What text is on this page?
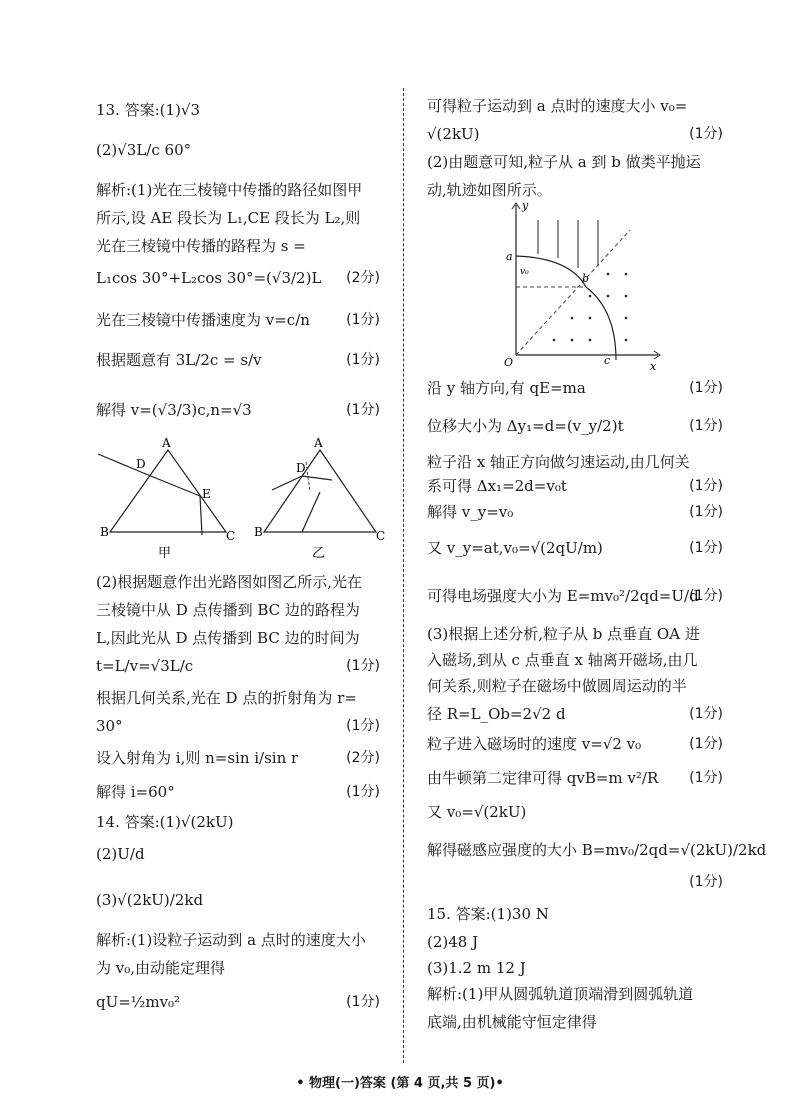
13. 答案:(1)√3
(2)√3L/c 60°
解析:(1)光在三棱镜中传播的路径如图甲
所示,设 AE 段长为 L₁,CE 段长为 L₂,则
光在三棱镜中传播的路程为 s =
L₁cos 30°+L₂cos 30°=(√3/2)L (2分)
光在三棱镜中传播速度为 v=c/n	(1分)
根据题意有 3L/2c = s/v	(1分)
解得 v=(√3/3)c,n=√3	(1分)
(2)根据题意作出光路图如图乙所示,光在
三棱镜中从 D 点传播到 BC 边的路程为
L,因此光从 D 点传播到 BC 边的时间为
t=L/v=√3L/c	(1分)
根据几何关系,光在 D 点的折射角为 r=
30°	(1分)
设入射角为 i,则 n=sin i/sin r	(2分)
解得 i=60°	(1分)
14. 答案:(1)√(2kU)
(2)U/d
(3)√(2kU)/2kd
解析:(1)设粒子运动到 a 点时的速度大小
为 v₀,由动能定理得
qU=½mv₀²	(1分)
可得粒子运动到 a 点时的速度大小 v₀=
√(2kU)	(1分)
(2)由题意可知,粒子从 a 到 b 做类平抛运
动,轨迹如图所示。
沿 y 轴方向,有 qE=ma	(1分)
位移大小为 Δy₁=d=(v_y/2)t	(1分)
粒子沿 x 轴正方向做匀速运动,由几何关
系可得 Δx₁=2d=v₀t	(1分)
解得 v_y=v₀	(1分)
又 v_y=at,v₀=√(2qU/m)	(1分)
可得电场强度大小为 E=mv₀²/2qd=U/d
(1分)
(3)根据上述分析,粒子从 b 点垂直 OA 进
入磁场,到从 c 点垂直 x 轴离开磁场,由几
何关系,则粒子在磁场中做圆周运动的半
径 R=L_Ob=2√2 d	(1分)
粒子进入磁场时的速度 v=√2 v₀	(1分)
由牛顿第二定律可得 qvB=m v²/R (1分)
又 v₀=√(2kU)
解得磁感应强度的大小 B=mv₀/2qd=√(2kU)/2kd
(1分)
15. 答案:(1)30 N
(2)48 J
(3)1.2 m 12 J
解析:(1)甲从圆弧轨道顶端滑到圆弧轨道
底端,由机械能守恒定律得
A
D
E
B	C
甲
A
D
B	C
乙
y
x
O
a
b
c
v₀
• 物理(一)答案 (第 4 页,共 5 页)•
